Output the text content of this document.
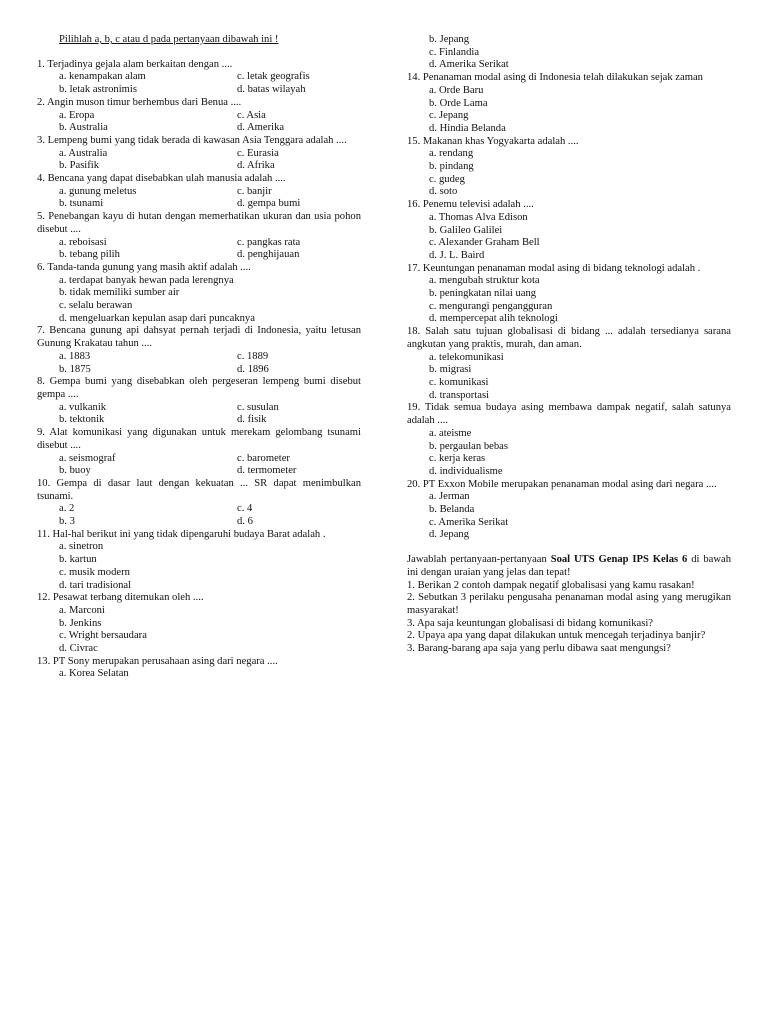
Pilihlah a, b, c atau d pada pertanyaan dibawah ini !
1. Terjadinya gejala alam berkaitan dengan ....
a. kenampakan alam	c. letak geografis
b. letak astronimis	d. batas wilayah
2. Angin muson timur berhembus dari Benua ....
a. Eropa	c. Asia
b. Australia	d. Amerika
3. Lempeng bumi yang tidak berada di kawasan Asia Tenggara adalah ....
a. Australia	c. Eurasia
b. Pasifik	d. Afrika
4. Bencana yang dapat disebabkan ulah manusia adalah ....
a. gunung meletus	c. banjir
b. tsunami	d. gempa bumi
5. Penebangan kayu di hutan dengan memerhatikan ukuran dan usia pohon disebut ....
a. reboisasi	c. pangkas rata
b. tebang pilih	d. penghijauan
6. Tanda-tanda gunung yang masih aktif adalah ....
a. terdapat banyak hewan pada lerengnya
b. tidak memiliki sumber air
c. selalu berawan
d. mengeluarkan kepulan asap dari puncaknya
7. Bencana gunung api dahsyat pernah terjadi di Indonesia, yaitu letusan Gunung Krakatau tahun ....
a. 1883	c. 1889
b. 1875	d. 1896
8. Gempa bumi yang disebabkan oleh pergeseran lempeng bumi disebut gempa ....
a. vulkanik	c. susulan
b. tektonik	d. fisik
9. Alat komunikasi yang digunakan untuk merekam gelombang tsunami disebut ....
a. seismograf	c. barometer
b. buoy	d. termometer
10. Gempa di dasar laut dengan kekuatan ... SR dapat menimbulkan tsunami.
a. 2	c. 4
b. 3	d. 6
11. Hal-hal berikut ini yang tidak dipengaruhi budaya Barat adalah .
a. sinetron
b. kartun
c. musik modern
d. tari tradisional
12. Pesawat terbang ditemukan oleh ....
a. Marconi
b. Jenkins
c. Wright bersaudara
d. Civrac
13. PT Sony merupakan perusahaan asing dari negara ....
a. Korea Selatan
b. Jepang
c. Finlandia
d. Amerika Serikat
14. Penanaman modal asing di Indonesia telah dilakukan sejak zaman
a. Orde Baru
b. Orde Lama
c. Jepang
d. Hindia Belanda
15. Makanan khas Yogyakarta adalah ....
a. rendang
b. pindang
c. gudeg
d. soto
16. Penemu televisi adalah ....
a. Thomas Alva Edison
b. Galileo Galilei
c. Alexander Graham Bell
d. J. L. Baird
17. Keuntungan penanaman modal asing di bidang teknologi adalah .
a. mengubah struktur kota
b. peningkatan nilai uang
c. mengurangi pengangguran
d. mempercepat alih teknologi
18. Salah satu tujuan globalisasi di bidang ... adalah tersedianya sarana angkutan yang praktis, murah, dan aman.
a. telekomunikasi
b. migrasi
c. komunikasi
d. transportasi
19. Tidak semua budaya asing membawa dampak negatif, salah satunya adalah ....
a. ateisme
b. pergaulan bebas
c. kerja keras
d. individualisme
20. PT Exxon Mobile merupakan penanaman modal asing dari negara ....
a. Jerman
b. Belanda
c. Amerika Serikat
d. Jepang
Jawablah pertanyaan-pertanyaan Soal UTS Genap IPS Kelas 6 di bawah ini dengan uraian yang jelas dan tepat!
1. Berikan 2 contoh dampak negatif globalisasi yang kamu rasakan!
2. Sebutkan 3 perilaku pengusaha penanaman modal asing yang merugikan masyarakat!
3. Apa saja keuntungan globalisasi di bidang komunikasi?
2. Upaya apa yang dapat dilakukan untuk mencegah terjadinya banjir?
3. Barang-barang apa saja yang perlu dibawa saat mengungsi?
